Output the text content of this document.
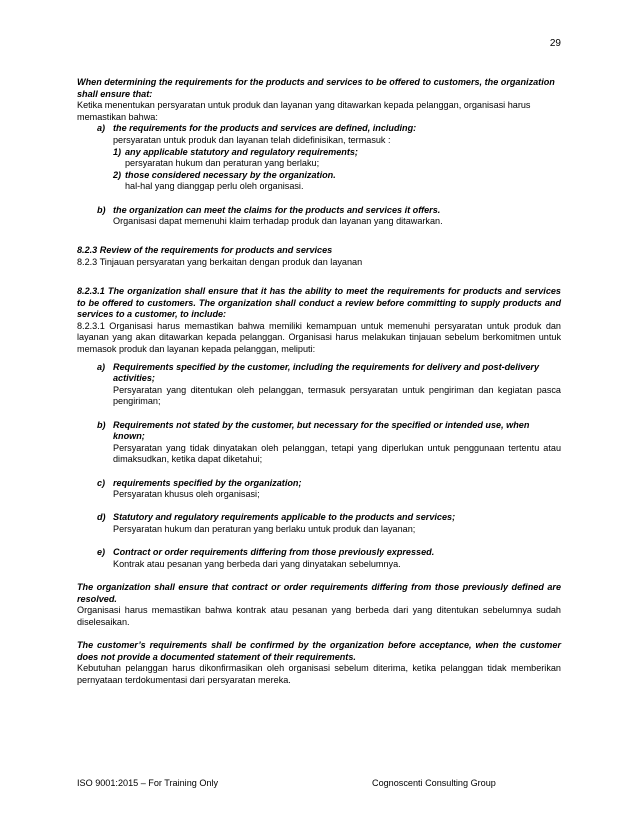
29

When determining the requirements for the products and services to be offered to customers, the organization shall ensure that:

Ketika menentukan persyaratan untuk produk dan layanan yang ditawarkan kepada pelanggan, organisasi harus memastikan bahwa:

a) the requirements for the products and services are defined, including:

persyaratan untuk produk dan layanan telah didefinisikan, termasuk :

1) any applicable statutory and regulatory requirements;

persyaratan hukum dan peraturan yang berlaku;

2) those considered necessary by the organization.

hal-hal yang dianggap perlu oleh organisasi.

b) the organization can meet the claims for the products and services it offers.

Organisasi dapat memenuhi klaim terhadap produk dan layanan yang ditawarkan.

8.2.3 Review of the requirements for products and services

8.2.3 Tinjauan persyaratan yang berkaitan dengan produk dan layanan

8.2.3.1 The organization shall ensure that it has the ability to meet the requirements for products and services to be offered to customers. The organization shall conduct a review before committing to supply products and services to a customer, to include:

8.2.3.1 Organisasi harus memastikan bahwa memiliki kemampuan untuk memenuhi persyaratan untuk produk dan layanan yang akan ditawarkan kepada pelanggan. Organisasi harus melakukan tinjauan sebelum berkomitmen untuk memasok produk dan layanan kepada pelanggan, meliputi:

a) Requirements specified by the customer, including the requirements for delivery and post-delivery activities;

Persyaratan yang ditentukan oleh pelanggan, termasuk persyaratan untuk pengiriman dan kegiatan pasca pengiriman;

b) Requirements not stated by the customer, but necessary for the specified or intended use, when known;

Persyaratan yang tidak dinyatakan oleh pelanggan, tetapi yang diperlukan untuk penggunaan tertentu atau dimaksudkan, ketika dapat diketahui;

c) requirements specified by the organization;

Persyaratan khusus oleh organisasi;

d) Statutory and regulatory requirements applicable to the products and services;

Persyaratan hukum dan peraturan yang berlaku untuk produk dan layanan;

e) Contract or order requirements differing from those previously expressed.

Kontrak atau pesanan yang berbeda dari yang dinyatakan sebelumnya.

The organization shall ensure that contract or order requirements differing from those previously defined are resolved.

Organisasi harus memastikan bahwa kontrak atau pesanan yang berbeda dari yang ditentukan sebelumnya sudah diselesaikan.

The customer’s requirements shall be confirmed by the organization before acceptance, when the customer does not provide a documented statement of their requirements.

Kebutuhan pelanggan harus dikonfirmasikan oleh organisasi sebelum diterima, ketika pelanggan tidak memberikan pernyataan terdokumentasi dari persyaratan mereka.

ISO 9001:2015 – For Training Only	Cognoscenti Consulting Group
